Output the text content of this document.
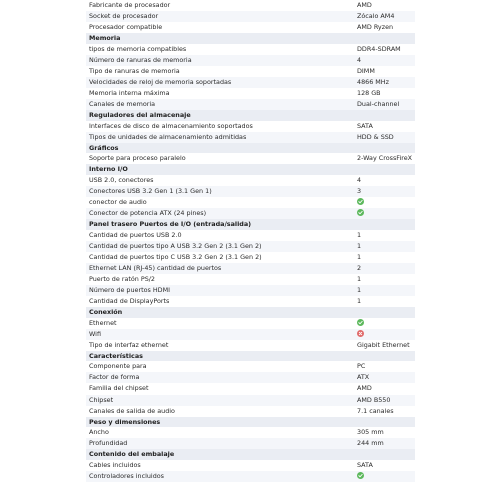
Fabricante de procesador	AMD
Socket de procesador	Zócalo AM4
Procesador compatible	AMD Ryzen
Memoria
tipos de memoria compatibles	DDR4-SDRAM
Número de ranuras de memoria	4
Tipo de ranuras de memoria	DIMM
Velocidades de reloj de memoria soportadas	4866 MHz
Memoria interna máxima	128 GB
Canales de memoria	Dual-channel
Reguladores del almacenaje
Interfaces de disco de almacenamiento soportados	SATA
Tipos de unidades de almacenamiento admitidas	HDD & SSD
Gráficos
Soporte para proceso paralelo	2-Way CrossFireX
Interno I/O
USB 2.0, conectores	4
Conectores USB 3.2 Gen 1 (3.1 Gen 1)	3
conector de audio
Conector de potencia ATX (24 pines)
Panel trasero Puertos de I/O (entrada/salida)
Cantidad de puertos USB 2.0	1
Cantidad de puertos tipo A USB 3.2 Gen 2 (3.1 Gen 2)	1
Cantidad de puertos tipo C USB 3.2 Gen 2 (3.1 Gen 2)	1
Ethernet LAN (RJ-45) cantidad de puertos	2
Puerto de ratón PS/2	1
Número de puertos HDMI	1
Cantidad de DisplayPorts	1
Conexión
Ethernet
Wifi
Tipo de interfaz ethernet	Gigabit Ethernet
Características
Componente para	PC
Factor de forma	ATX
Familia del chipset	AMD
Chipset	AMD B550
Canales de salida de audio	7.1 canales
Peso y dimensiones
Ancho	305 mm
Profundidad	244 mm
Contenido del embalaje
Cables incluidos	SATA
Controladores incluidos
